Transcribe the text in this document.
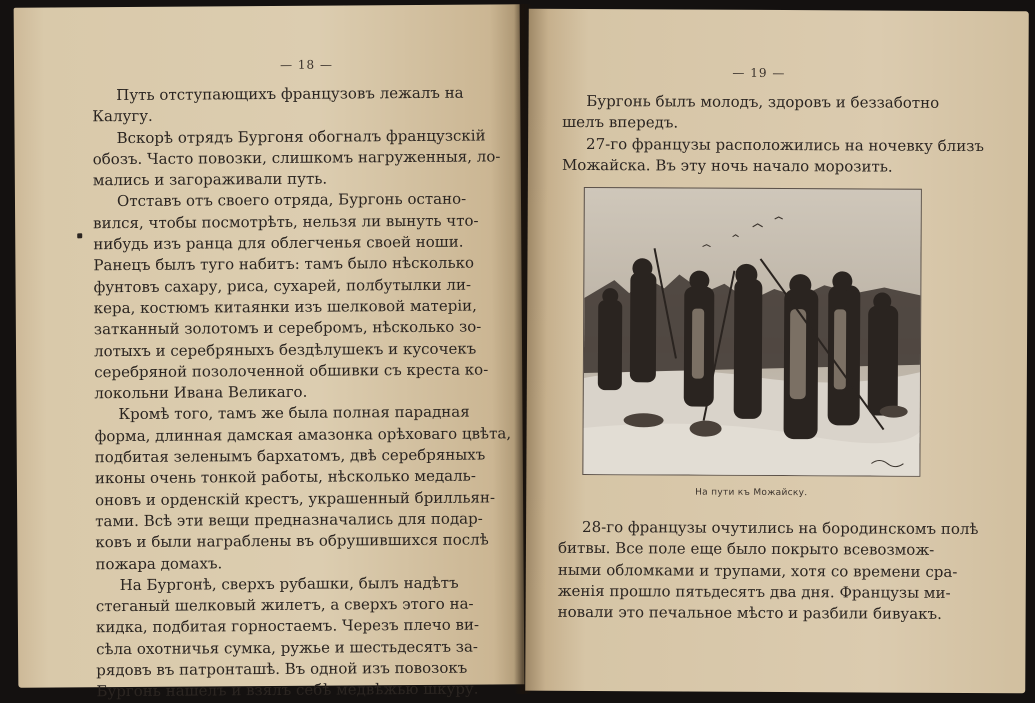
— 18 —
Путь отступающихъ французовъ лежалъ на
Калугу.
Вскорѣ отрядъ Бургоня обогналъ французскій
обозъ. Часто повозки, слишкомъ нагруженныя, ло-
мались и загораживали путь.
Отставъ отъ своего отряда, Бургонь остано-
вился, чтобы посмотрѣть, нельзя ли вынуть что-
нибудь изъ ранца для облегченья своей ноши.
Ранецъ былъ туго набитъ: тамъ было нѣсколько
фунтовъ сахару, риса, сухарей, полбутылки ли-
кера, костюмъ китаянки изъ шелковой матеріи,
затканный золотомъ и серебромъ, нѣсколько зо-
лотыхъ и серебряныхъ бездѣлушекъ и кусочекъ
серебряной позолоченной обшивки съ креста ко-
локольни Ивана Великаго.
Кромѣ того, тамъ же была полная парадная
форма, длинная дамская амазонка орѣховаго цвѣта,
подбитая зеленымъ бархатомъ, двѣ серебряныхъ
иконы очень тонкой работы, нѣсколько медаль-
оновъ и орденскій крестъ, украшенный брилльян-
тами. Всѣ эти вещи предназначались для подар-
ковъ и были награблены въ обрушившихся послѣ
пожара домахъ.
На Бургонѣ, сверхъ рубашки, былъ надѣтъ
стеганый шелковый жилетъ, а сверхъ этого на-
кидка, подбитая горностаемъ. Черезъ плечо ви-
сѣла охотничья сумка, ружье и шестьдесятъ за-
рядовъ въ патронташѣ. Въ одной изъ повозокъ
Бургонь нашелъ и взялъ себѣ медвѣжью шкуру.
— 19 —
Бургонь былъ молодъ, здоровъ и беззаботно
шелъ впередъ.
27-го французы расположились на ночевку близъ
Можайска. Въ эту ночь начало морозить.
На пути къ Можайску.
28-го французы очутились на бородинскомъ полѣ
битвы. Все поле еще было покрыто всевозмож-
ными обломками и трупами, хотя со времени сра-
женія прошло пятьдесятъ два дня. Французы ми-
новали это печальное мѣсто и разбили бивуакъ.
